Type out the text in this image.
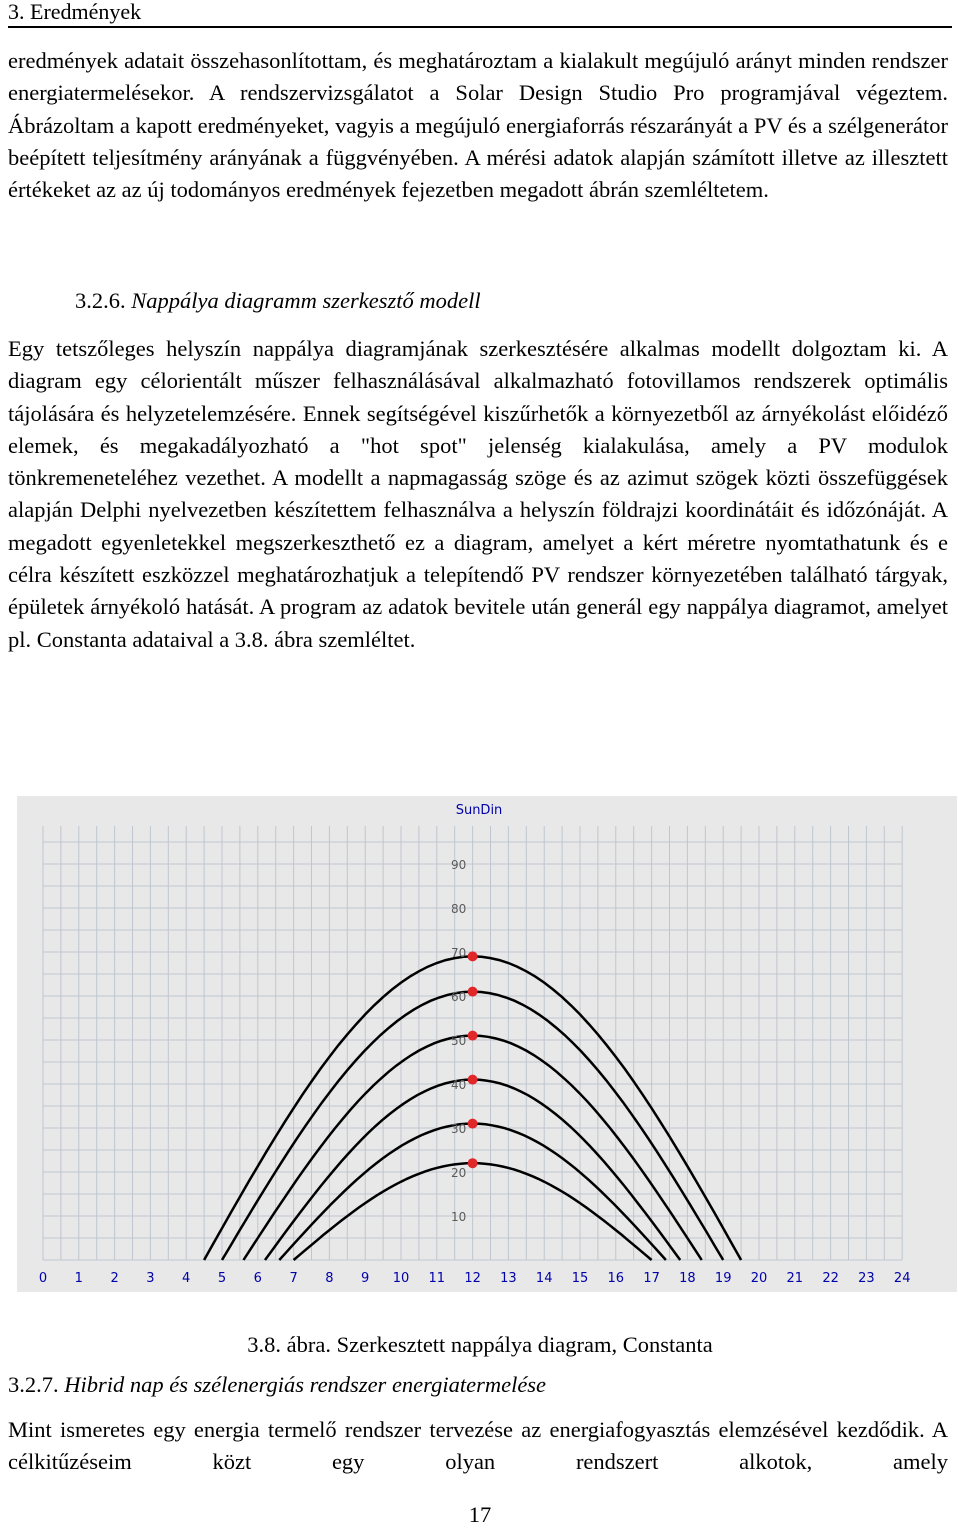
3. Eredmények

eredmények adatait összehasonlítottam, és meghatároztam a kialakult megújuló arányt minden rendszer energiatermelésekor. A rendszervizsgálatot a Solar Design Studio Pro programjával végeztem. Ábrázoltam a kapott eredményeket, vagyis a megújuló energiaforrás részarányát a PV és a szélgenerátor beépített teljesítmény arányának a függvényében. A mérési adatok alapján számított illetve az illesztett értékeket az az új todományos eredmények fejezetben megadott ábrán szemléltetem.

3.2.6. Nappálya diagramm szerkesztő modell

Egy tetszőleges helyszín nappálya diagramjának szerkesztésére alkalmas modellt dolgoztam ki. A diagram egy célorientált műszer felhasználásával alkalmazható fotovillamos rendszerek optimális tájolására és helyzetelemzésére. Ennek segítségével kiszűrhetők a környezetből az árnyékolást előidéző elemek, és megakadályozható a "hot spot" jelenség kialakulása, amely a PV modulok tönkremeneteléhez vezethet. A modellt a napmagasság szöge és az azimut szögek közti összefüggések alapján Delphi nyelvezetben készítettem felhasználva a helyszín földrajzi koordinátáit és időzónáját. A megadott egyenletekkel megszerkeszthető ez a diagram, amelyet a kért méretre nyomtathatunk és e célra készített eszközzel meghatározhatjuk a telepítendő PV rendszer környezetében található tárgyak, épületek árnyékoló hatását. A program az adatok bevitele után generál egy nappálya diagramot, amelyet pl. Constanta adataival a 3.8. ábra szemléltet.

10
20
30
40
50
60
70
80
90
0 1 2 3 4 5 6 7 8 9 10 11 12 13 14 15 16 17 18 19 20 21 22 23 24
SunDin
3.8. ábra. Szerkesztett nappálya diagram, Constanta
3.2.7. Hibrid nap és szélenergiás rendszer energiatermelése

Mint ismeretes egy energia termelő rendszer tervezése az energiafogyasztás elemzésével kezdődik. A célkitűzéseim közt egy olyan rendszert alkotok, amely

17
